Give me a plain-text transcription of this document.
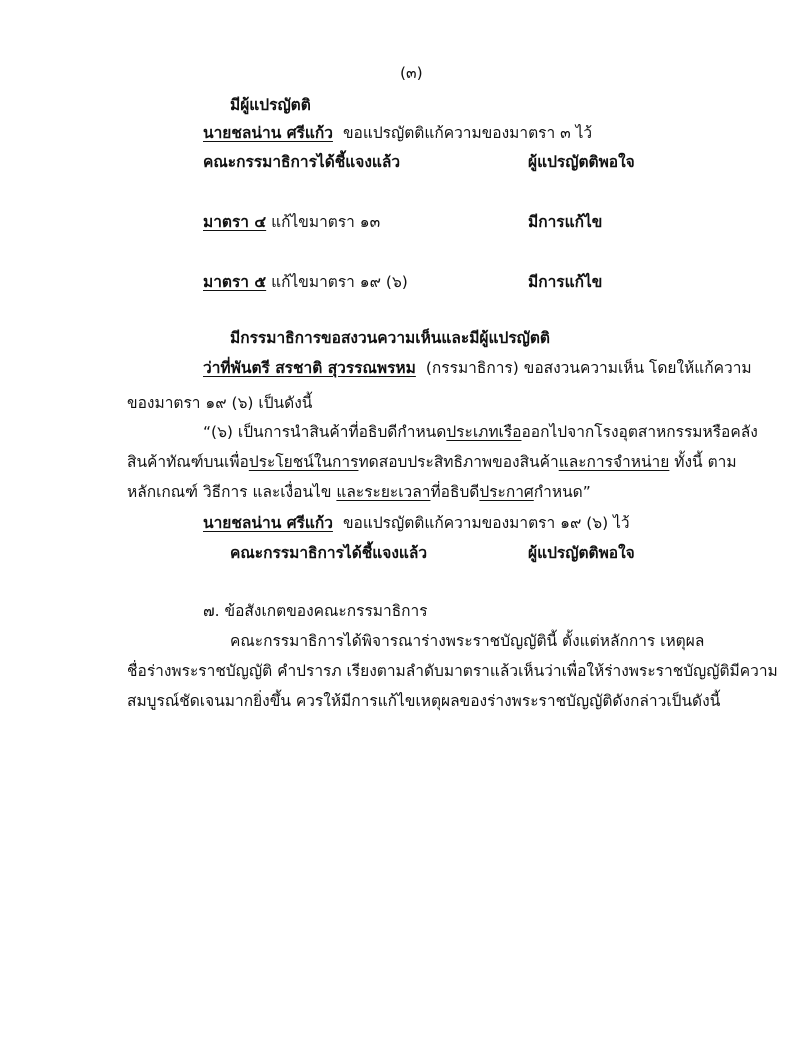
(๓)
มีผู้แปรญัตติ
นายชลน่าน ศรีแก้ว ขอแปรญัตติแก้ความของมาตรา ๓ ไว้
คณะกรรมาธิการได้ชี้แจงแล้ว	ผู้แปรญัตติพอใจ
มาตรา ๔ แก้ไขมาตรา ๑๓	มีการแก้ไข
มาตรา ๕ แก้ไขมาตรา ๑๙ (๖)	มีการแก้ไข
มีกรรมาธิการขอสงวนความเห็นและมีผู้แปรญัตติ
ว่าที่พันตรี สรชาติ สุวรรณพรหม (กรรมาธิการ) ขอสงวนความเห็น โดยให้แก้ความ
ของมาตรา ๑๙ (๖) เป็นดังนี้
“(๖) เป็นการนำสินค้าที่อธิบดีกำหนดประเภทเรือออกไปจากโรงอุตสาหกรรมหรือคลัง
สินค้าทัณฑ์บนเพื่อประโยชน์ในการทดสอบประสิทธิภาพของสินค้าและการจำหน่าย ทั้งนี้ ตาม
หลักเกณฑ์ วิธีการ และเงื่อนไข และระยะเวลาที่อธิบดีประกาศกำหนด”
นายชลน่าน ศรีแก้ว ขอแปรญัตติแก้ความของมาตรา ๑๙ (๖) ไว้
คณะกรรมาธิการได้ชี้แจงแล้ว	ผู้แปรญัตติพอใจ
๗. ข้อสังเกตของคณะกรรมาธิการ
คณะกรรมาธิการได้พิจารณาร่างพระราชบัญญัตินี้ ตั้งแต่หลักการ เหตุผล
ชื่อร่างพระราชบัญญัติ คำปรารภ เรียงตามลำดับมาตราแล้วเห็นว่าเพื่อให้ร่างพระราชบัญญัติมีความ
สมบูรณ์ชัดเจนมากยิ่งขึ้น ควรให้มีการแก้ไขเหตุผลของร่างพระราชบัญญัติดังกล่าวเป็นดังนี้
